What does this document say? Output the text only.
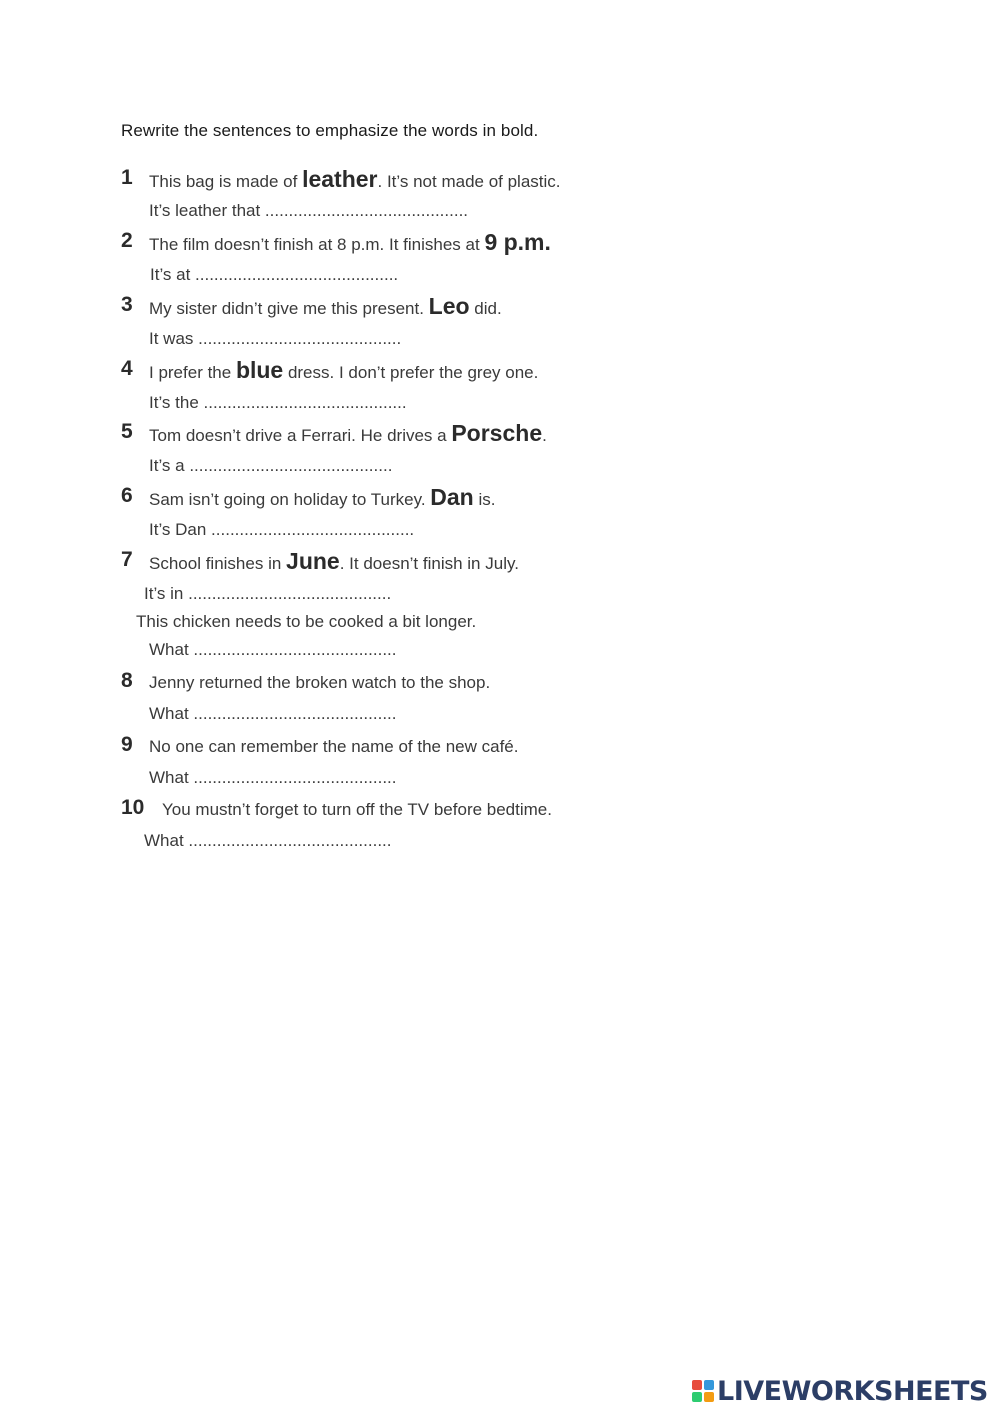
Rewrite the sentences to emphasize the words in bold.
1 This bag is made of leather. It’s not made of plastic.
It’s leather that ...........................................
2 The film doesn’t finish at 8 p.m. It finishes at 9 p.m.
It’s at ...........................................
3 My sister didn’t give me this present. Leo did.
It was ...........................................
4 I prefer the blue dress. I don’t prefer the grey one.
It’s the ...........................................
5 Tom doesn’t drive a Ferrari. He drives a Porsche.
It’s a ...........................................
6 Sam isn’t going on holiday to Turkey. Dan is.
It’s Dan ...........................................
7 School finishes in June. It doesn’t finish in July.
It’s in ...........................................
This chicken needs to be cooked a bit longer.
What ...........................................
8 Jenny returned the broken watch to the shop.
What ...........................................
9 No one can remember the name of the new café.
What ...........................................
10 You mustn’t forget to turn off the TV before bedtime.
What ...........................................
LIVEWORKSHEETS
